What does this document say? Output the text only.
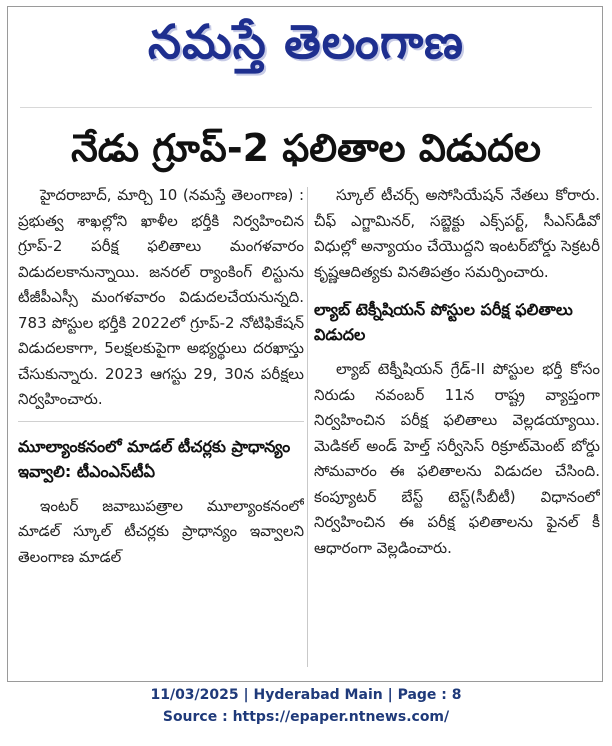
నమస్తే తెలంగాణ
నేడు గ్రూప్-2 ఫలితాల విడుదల

హైదరాబాద్, మార్చి 10 (నమస్తే తెలంగాణ) : ప్రభుత్వ శాఖల్లోని ఖాళీల భర్తీకి నిర్వహించిన గ్రూప్-2 పరీక్ష ఫలితాలు మంగళవారం విడుదలకానున్నాయి. జనరల్ ర్యాంకింగ్ లిస్టును టీజీపీఎస్సీ మంగళవారం విడుదలచేయనున్నది. 783 పోస్టుల భర్తీకి 2022లో గ్రూప్-2 నోటిఫికేషన్ విడుదలకాగా, 5లక్షలకుపైగా అభ్యర్థులు దరఖాస్తు చేసుకున్నారు. 2023 ఆగస్టు 29, 30న పరీక్షలు నిర్వహించారు.

మూల్యాంకనంలో మాడల్ టీచర్లకు ప్రాధాన్యం ఇవ్వాలి: టీఎంఎస్‌టీఏ

ఇంటర్ జవాబుపత్రాల మూల్యాంకనంలో మాడల్ స్కూల్ టీచర్లకు ప్రాధాన్యం ఇవ్వాలని తెలంగాణ మాడల్

స్కూల్ టీచర్స్ అసోసియేషన్ నేతలు కోరారు. చీఫ్ ఎగ్జామినర్, సబ్జెక్టు ఎక్స్‌పర్ట్, సీఎస్‌డీవో విధుల్లో అన్యాయం చేయొద్దని ఇంటర్‌బోర్డు సెక్రటరీ కృష్ణఆదిత్యకు వినతిపత్రం సమర్పించారు.

ల్యాబ్ టెక్నీషియన్ పోస్టుల పరీక్ష ఫలితాలు విడుదల

ల్యాబ్ టెక్నీషియన్ గ్రేడ్-II పోస్టుల భర్తీ కోసం నిరుడు నవంబర్ 11న రాష్ట్ర వ్యాప్తంగా నిర్వహించిన పరీక్ష ఫలితాలు వెల్లడయ్యాయి. మెడికల్ అండ్ హెల్త్ సర్వీసెస్ రిక్రూట్‌మెంట్ బోర్డు సోమవారం ఈ ఫలితాలను విడుదల చేసింది. కంప్యూటర్ బేస్ట్ టెస్ట్(సీబీటీ) విధానంలో నిర్వహించిన ఈ పరీక్ష ఫలితాలను ఫైనల్ కీ ఆధారంగా వెల్లడించారు.

11/03/2025 | Hyderabad Main | Page : 8
Source : https://epaper.ntnews.com/
